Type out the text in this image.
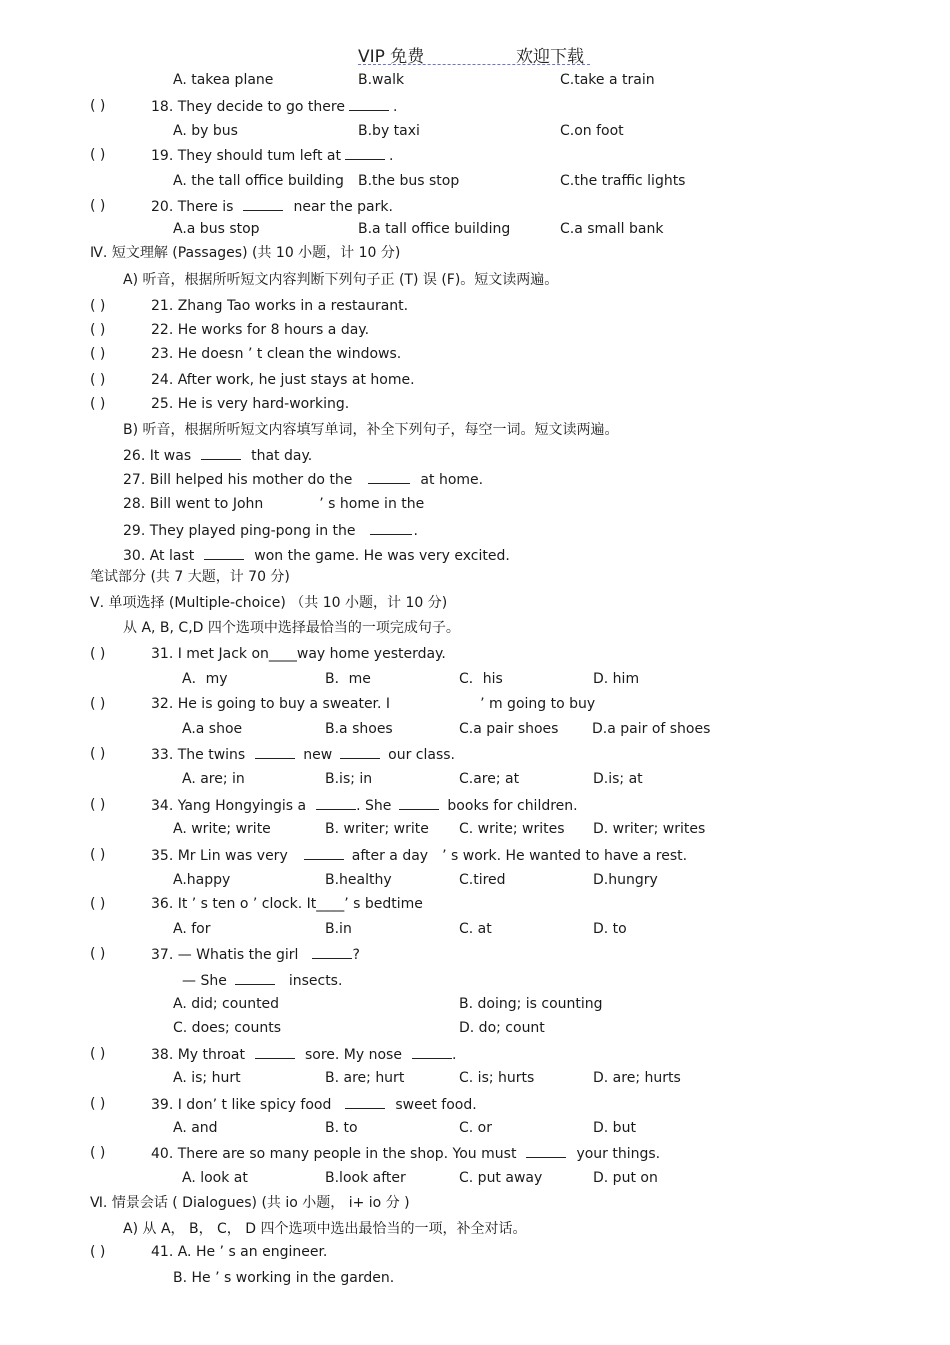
VIP 免费	欢迎下载
A. takea plane	B.walk	C.take a train
( )	18. They decide to go there	.
A. by bus	B.by taxi	C.on foot
( )	19. They should tum left at	.
A. the tall office building B.the bus stop	C.the traffic lights
( )	20. There is	near the park.
A.a bus stop	B.a tall office building	C.a small bank
Ⅳ. 短文理解 (Passages) (共 10 小题，计 10 分)
A) 听音，根据所听短文内容判断下列句子正 (T) 误 (F)。短文读两遍。
( )	21. Zhang Tao works in a restaurant.
( )	22. He works for 8 hours a day.
( )	23. He doesn ’ t clean the windows.
( )	24. After work, he just stays at home.
( )	25. He is very hard-working.
B) 听音，根据所听短文内容填写单词，补全下列句子，每空一词。短文读两遍。
26. It was	that day.
27. Bill helped his mother do the	at home.
28. Bill went to John	’ s home in the
29. They played ping-pong in the	.
30. At last	won the game. He was very excited.
笔试部分 (共 7 大题，计 70 分)
Ⅴ. 单项选择 (Multiple-choice) （共 10 小题，计 10 分)
从 A, B, C,D 四个选项中选择最恰当的一项完成句子。
( )	31. I met Jack on____way home yesterday.
A．my	B．me	C．his	D. him
( )	32. He is going to buy a sweater. I	’ m going to buy
A.a shoe	B.a shoes	C.a pair shoes D.a pair of shoes
33. The twins	new	our class.
( )
A. are; in	B.is; in	C.are; at	D.is; at
( )	34. Yang Hongyingis a	. She	books for children.
A. write; write	B. writer; write C. write; writes D. writer; writes
( )	35. Mr Lin was very	after a day ’ s work. He wanted to have a rest.
A.happy	B.healthy	C.tired	D.hungry
( )	36. It ’ s ten o ’ clock. It____’ s bedtime
A. for	B.in	C. at	D. to
( )	37. — Whatis the girl	?
— She	insects.
A. did; counted	B. doing; is counting
C. does; counts	D. do; count
( )	38. My throat	sore. My nose	.
A. is; hurt	B. are; hurt	C. is; hurts	D. are; hurts
( )	39. I don’ t like spicy food	sweet food.
A. and	B. to	C. or	D. but
( )	40. There are so many people in the shop. You must	your things.
A. look at	B.look after	C. put away	D. put on
Ⅵ. 情景会话 ( Dialogues) (共 io 小题， i+ io 分 )
A) 从 A， B， C， D 四个选项中选出最恰当的一项，补全对话。
( )	41. A. He ’ s an engineer.
B. He ’ s working in the garden.
